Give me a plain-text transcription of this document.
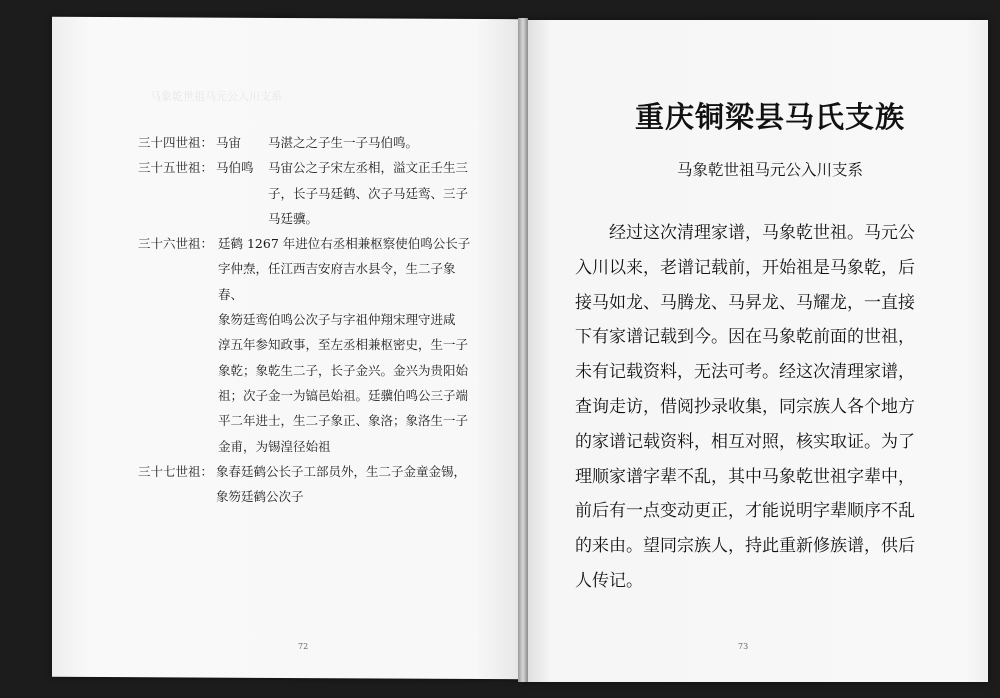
马象乾世祖马元公入川支系
三十四世祖： 马宙 马湛之之子生一子马伯鸣。
三十五世祖： 马伯鸣 马宙公之子宋左丞相，溢文正壬生三
子，长子马廷鹤、次子马廷鸾、三子
马廷骥。
三十六世祖： 廷鹤 1267 年进位右丞相兼枢察使伯鸣公长子
字仲焘，任江西吉安府吉水县令，生二子象春、
象笏廷鸾伯鸣公次子与字祖仲翔宋理守进咸
淳五年参知政事，至左丞相兼枢密史，生一子
象乾；象乾生二子，长子金兴。金兴为贵阳始
祖；次子金一为镐邑始祖。廷骥伯鸣公三子端
平二年进士，生二子象正、象洛；象洛生一子
金甫，为锡湟径始祖
三十七世祖： 象春廷鹤公长子工部员外，生二子金童金锡，
象笏廷鹤公次子
72
重庆铜梁县马氏支族
马象乾世祖马元公入川支系

经过这次清理家谱，马象乾世祖。马元公入川以来，老谱记载前，开始祖是马象乾，后接马如龙、马腾龙、马昇龙、马耀龙，一直接下有家谱记载到今。因在马象乾前面的世祖，未有记载资料，无法可考。经这次清理家谱，查询走访，借阅抄录收集，同宗族人各个地方的家谱记载资料，相互对照，核实取证。为了理顺家谱字辈不乱，其中马象乾世祖字辈中，前后有一点变动更正，才能说明字辈顺序不乱的来由。望同宗族人，持此重新修族谱，供后人传记。

73
